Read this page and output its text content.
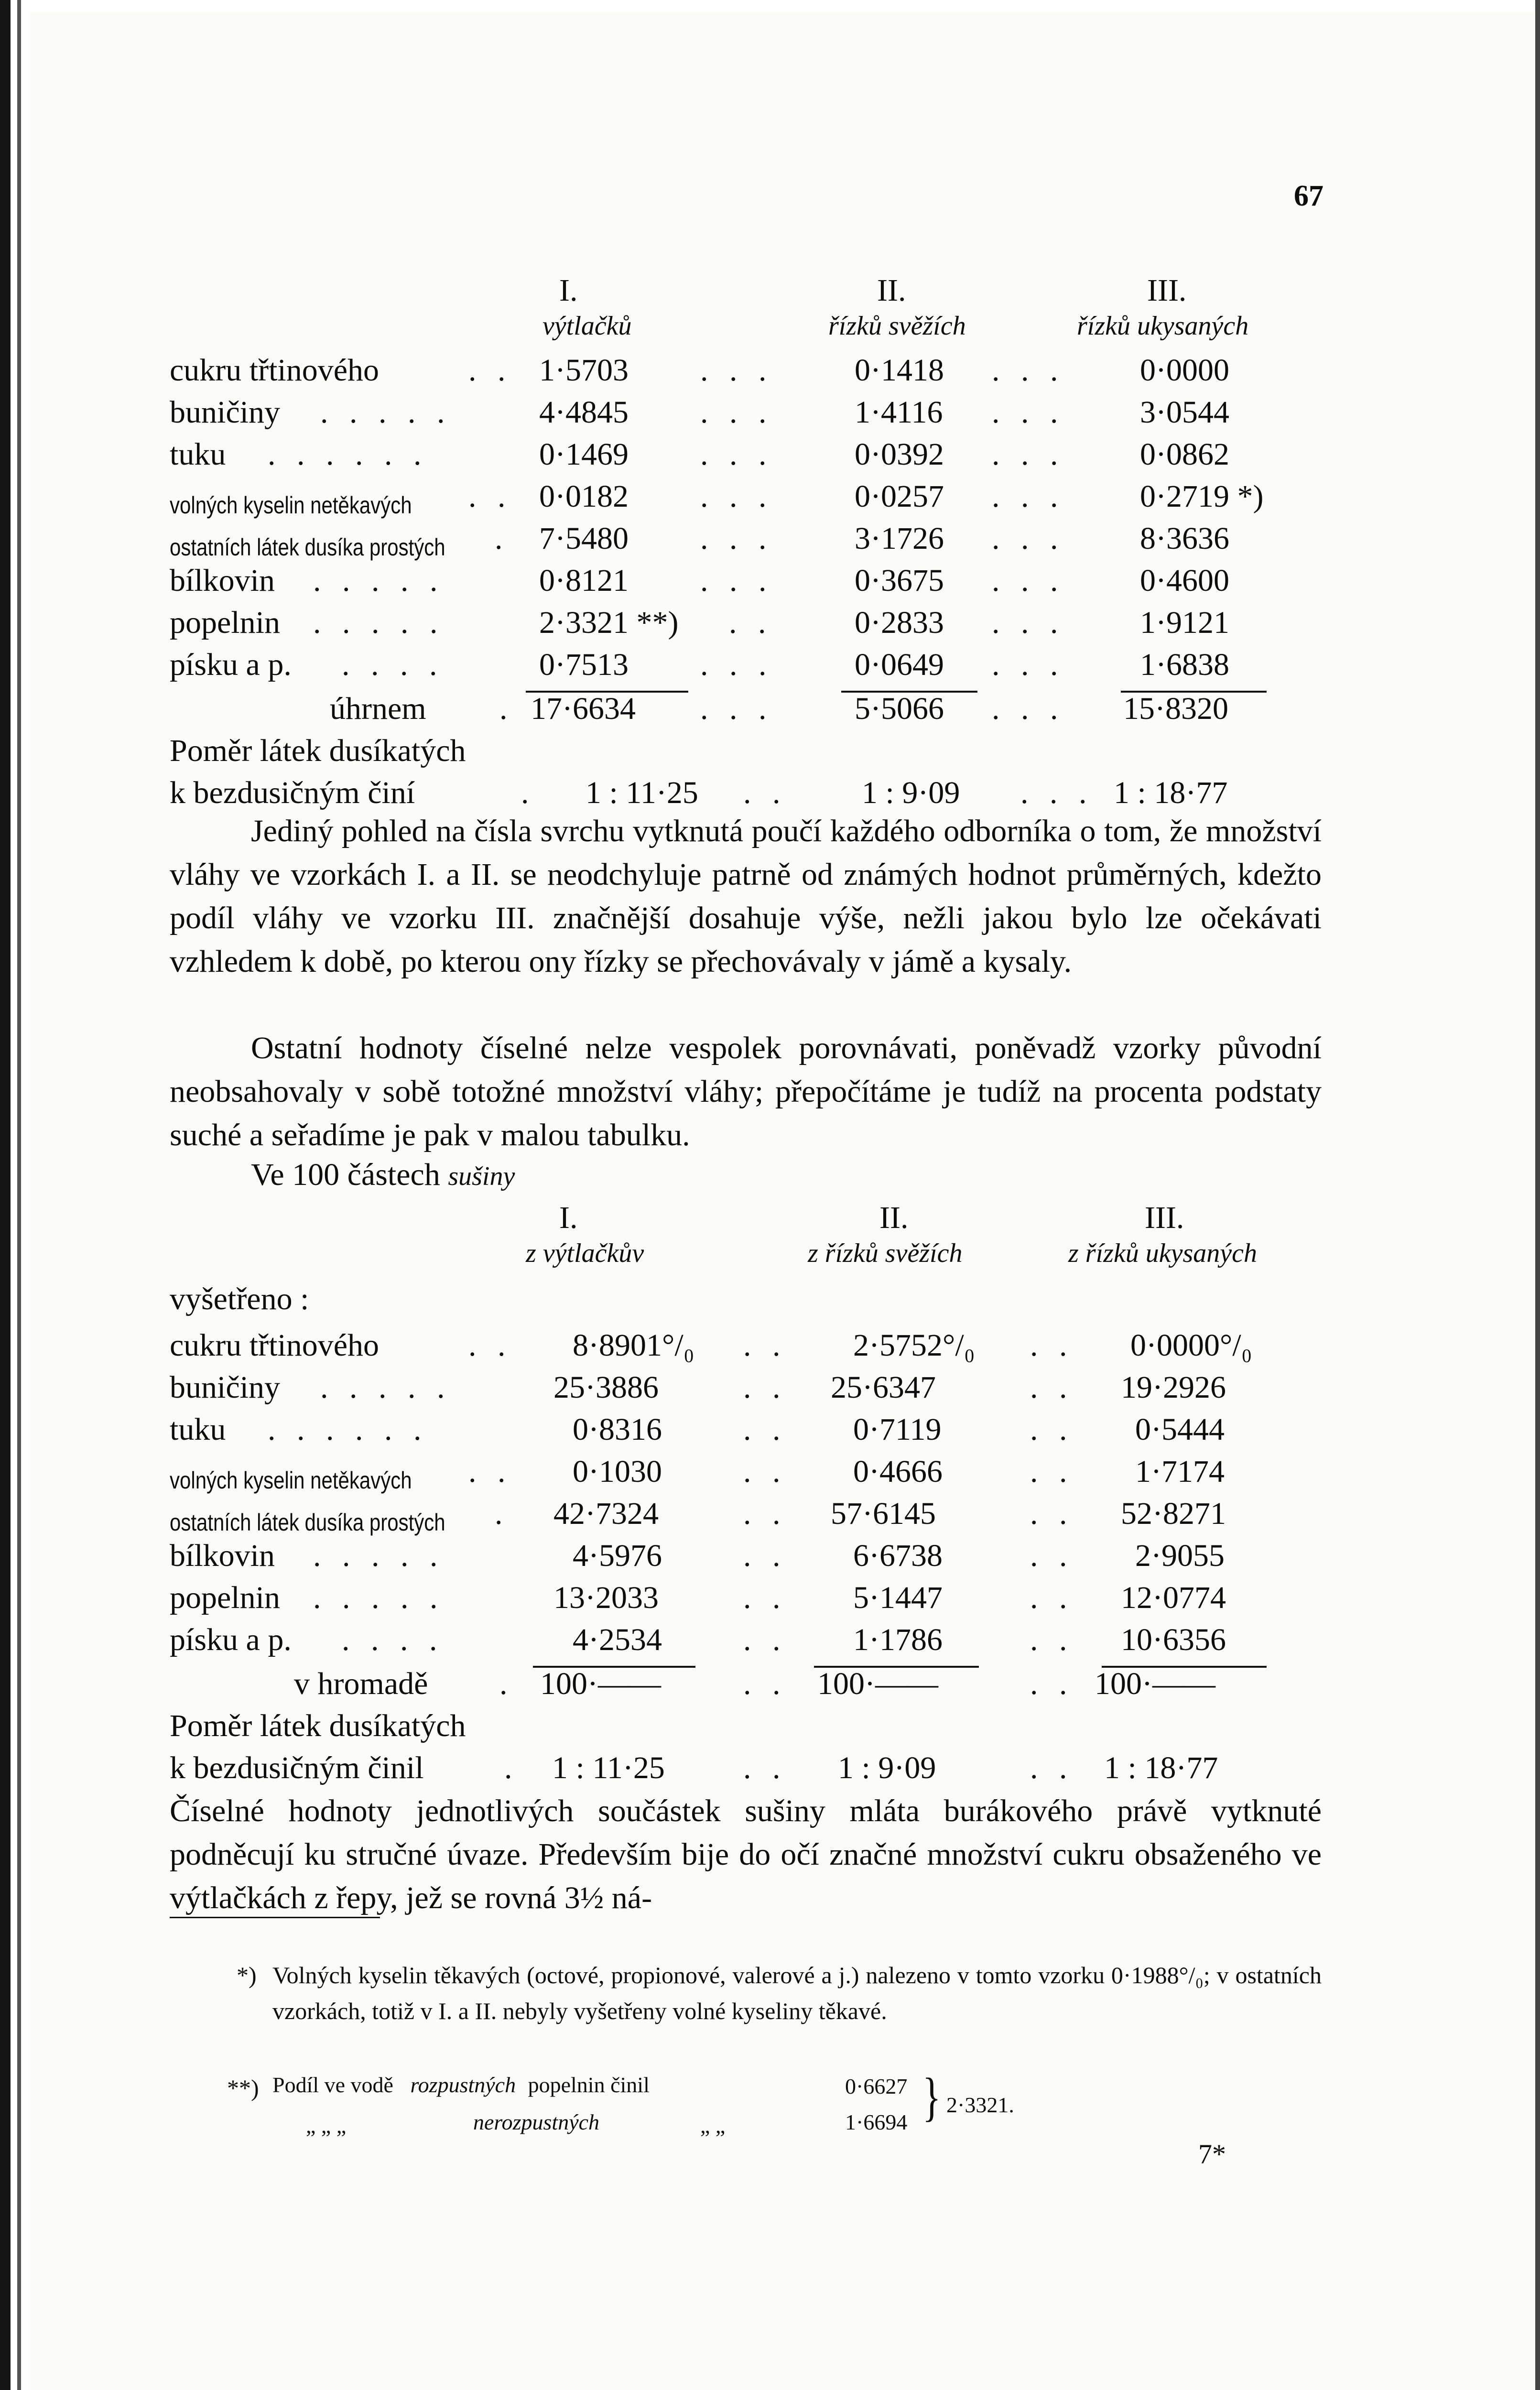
67
I.	II.	III.
výtlačků	řízků svěžích	řízků ukysaných
cukru třtinového	. . 1·5703 . . .	0·1418 . . . 0·0000
buničiny . . . . .	4·4845 . . .	1·4116 . . . 3·0544
tuku . . . . . .	0·1469 . . .	0·0392 . . . 0·0862
volných kyselin netěkavých . . 0·0182 . . .	0·0257 . . . 0·2719 *)
ostatních látek dusíka prostých . 7·5480 . . .	3·1726 . . . 8·3636
bílkovin . . . . .	0·8121 . . .	0·3675 . . . 0·4600
popelnin . . . . .	2·3321 **) . .	0·2833 . . . 1·9121
písku a p. . . . .	0·7513 . . .	0·0649 . . . 1·6838
úhrnem . 17·6634 . . .	5·5066 . . . 15·8320
Poměr látek dusíkatých
k bezdusičným činí	. 1 : 11·25 . . 1 : 9·09 . . . 1 : 18·77
Jediný pohled na čísla svrchu vytknutá poučí každého odborníka o tom, že množství vláhy ve vzorkách I. a II. se neodchyluje patrně od známých hodnot průměrných, kdežto podíl vláhy ve vzorku III. značnější dosahuje výše, nežli jakou bylo lze očekávati vzhledem k době, po kterou ony řízky se přechovávaly v jámě a kysaly.
Ostatní hodnoty číselné nelze vespolek porovnávati, poněvadž vzorky původní neobsahovaly v sobě totožné množství vláhy; přepočítáme je tudíž na procenta podstaty suché a seřadíme je pak v malou tabulku.
Ve 100 částech sušiny
I.	II.	III.
z výtlačkův	z řízků svěžích	z řízků ukysaných
vyšetřeno :
cukru třtinového	. . 8·8901°/₀ . . 2·5752°/₀ . . 0·0000°/₀
buničiny . . . . .	25·3886	. . 25·6347	. . 19·2926
tuku . . . . . .	0·8316	. . 0·7119	. . 0·5444
volných kyselin netěkavých . . 0·1030	. . 0·4666	. . 1·7174
ostatních látek dusíka prostých . 42·7324	. . 57·6145	. . 52·8271
bílkovin . . . . .	4·5976	. . 6·6738	. . 2·9055
popelnin . . . . .	13·2033	. . 5·1447	. . 12·0774
písku a p. . . . .	4·2534	. . 1·1786	. . 10·6356
v hromadě . 100·——	. . 100·——	. . 100·——
Poměr látek dusíkatých
k bezdusičným činil	. 1 : 11·25 . . 1 : 9·09	. . 1 : 18·77
Číselné hodnoty jednotlivých součástek sušiny mláta burákového právě vytknuté podněcují ku stručné úvaze. Především bije do očí značné množství cukru obsaženého ve výtlačkách z řepy, jež se rovná 3½ ná-
*) Volných kyselin těkavých (octové, propionové, valerové a j.) nalezeno v tomto vzorku 0·1988°/₀; v ostatních vzorkách, totiž v I. a II. nebyly vyšetřeny volné kyseliny těkavé.
**) Podíl ve vodě rozpustných popelnin činil	0·6627
„ „ „	nerozpustných	„ „	1·6694 } 2·3321.
7*
